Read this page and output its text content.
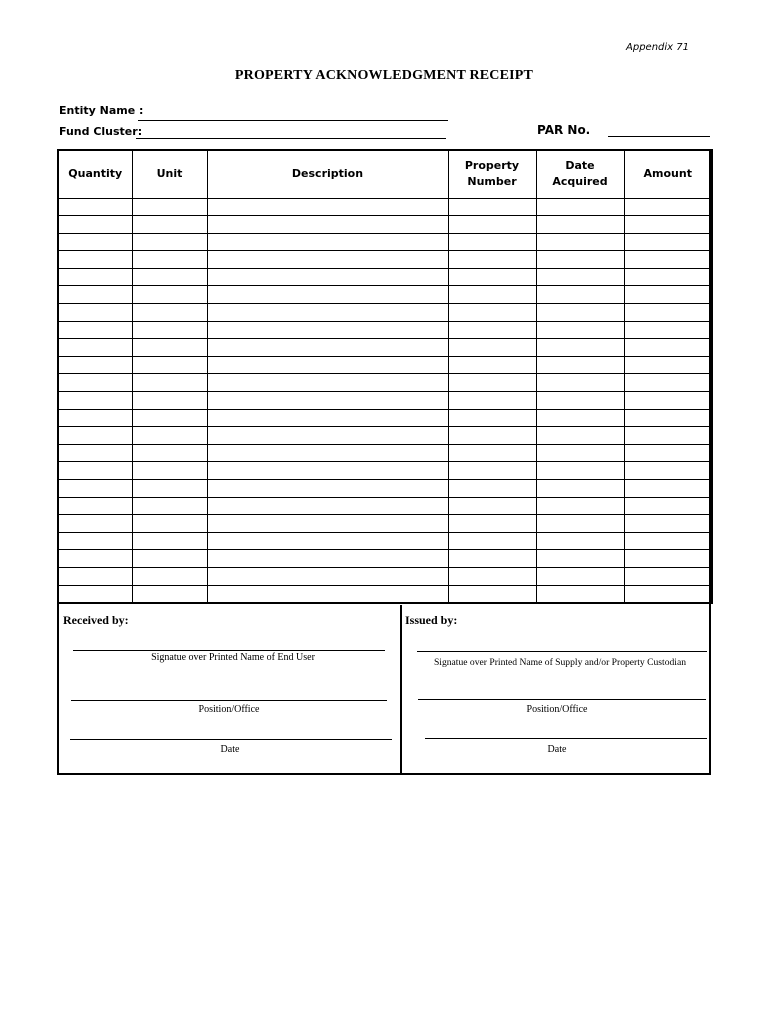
Appendix 71
PROPERTY ACKNOWLEDGMENT RECEIPT
Entity Name :
Fund Cluster:	PAR No.
Quantity	Unit	Description	Property Number	Date Acquired	Amount

Received by:
Signatue over Printed Name of End User
Position/Office
Date
Issued by:
Signatue over Printed Name of Supply and/or Property Custodian
Position/Office
Date
